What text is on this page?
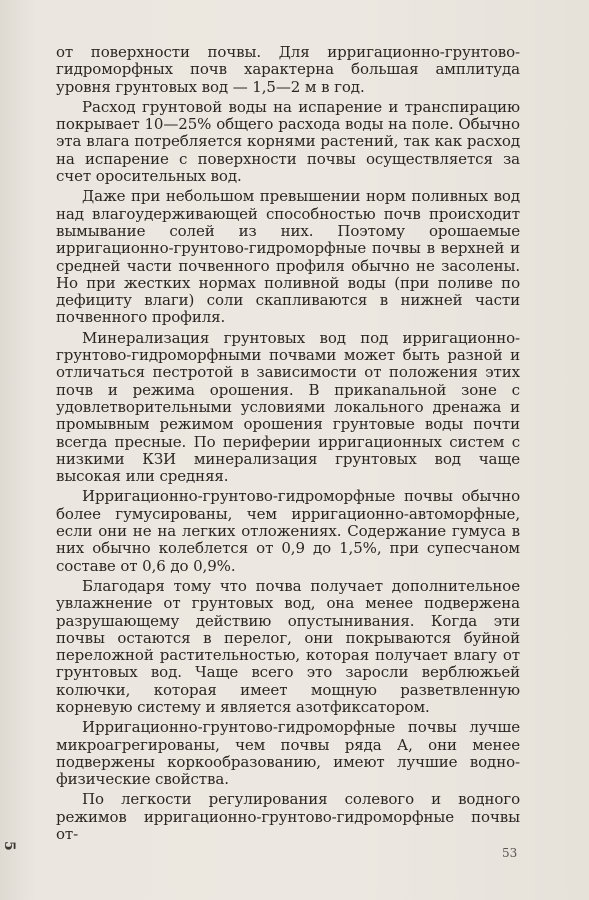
от поверхности почвы. Для ирригационно-грунтово-гидроморфных почв характерна большая амплитуда уровня грунтовых вод — 1,5—2 м в год.

Расход грунтовой воды на испарение и транспирацию покрывает 10—25% общего расхода воды на поле. Обычно эта влага потребляется корнями растений, так как расход на испарение с поверхности почвы осуществляется за счет оросительных вод.

Даже при небольшом превышении норм поливных вод над влагоудерживающей способностью почв происходит вымывание солей из них. Поэтому орошаемые ирригационно-грунтово-гидроморфные почвы в верхней и средней части почвенного профиля обычно не засолены. Но при жестких нормах поливной воды (при поливе по дефициту влаги) соли скапливаются в нижней части почвенного профиля.

Минерализация грунтовых вод под ирригационно-грунтово-гидроморфными почвами может быть разной и отличаться пестротой в зависимости от положения этих почв и режима орошения. В прикanальной зоне с удовлетворительными условиями локального дренажа и промывным режимом орошения грунтовые воды почти всегда пресные. По периферии ирригационных систем с низкими КЗИ минерализация грунтовых вод чаще высокая или средняя.

Ирригационно-грунтово-гидроморфные почвы обычно более гумусированы, чем ирригационно-автоморфные, если они не на легких отложениях. Содержание гумуса в них обычно колеблется от 0,9 до 1,5%, при супесчаном составе от 0,6 до 0,9%.

Благодаря тому что почва получает дополнительное увлажнение от грунтовых вод, она менее подвержена разрушающему действию опустынивания. Когда эти почвы остаются в перелог, они покрываются буйной переложной растительностью, которая получает влагу от грунтовых вод. Чаще всего это заросли верблюжьей колючки, которая имеет мощную разветвленную корневую систему и является азотфиксатором.

Ирригационно-грунтово-гидроморфные почвы лучше микроагрегированы, чем почвы ряда А, они менее подвержены коркообразованию, имеют лучшие водно-физические свойства.

По легкости регулирования солевого и водного режимов ирригационно-грунтово-гидроморфные почвы от-

5
53
